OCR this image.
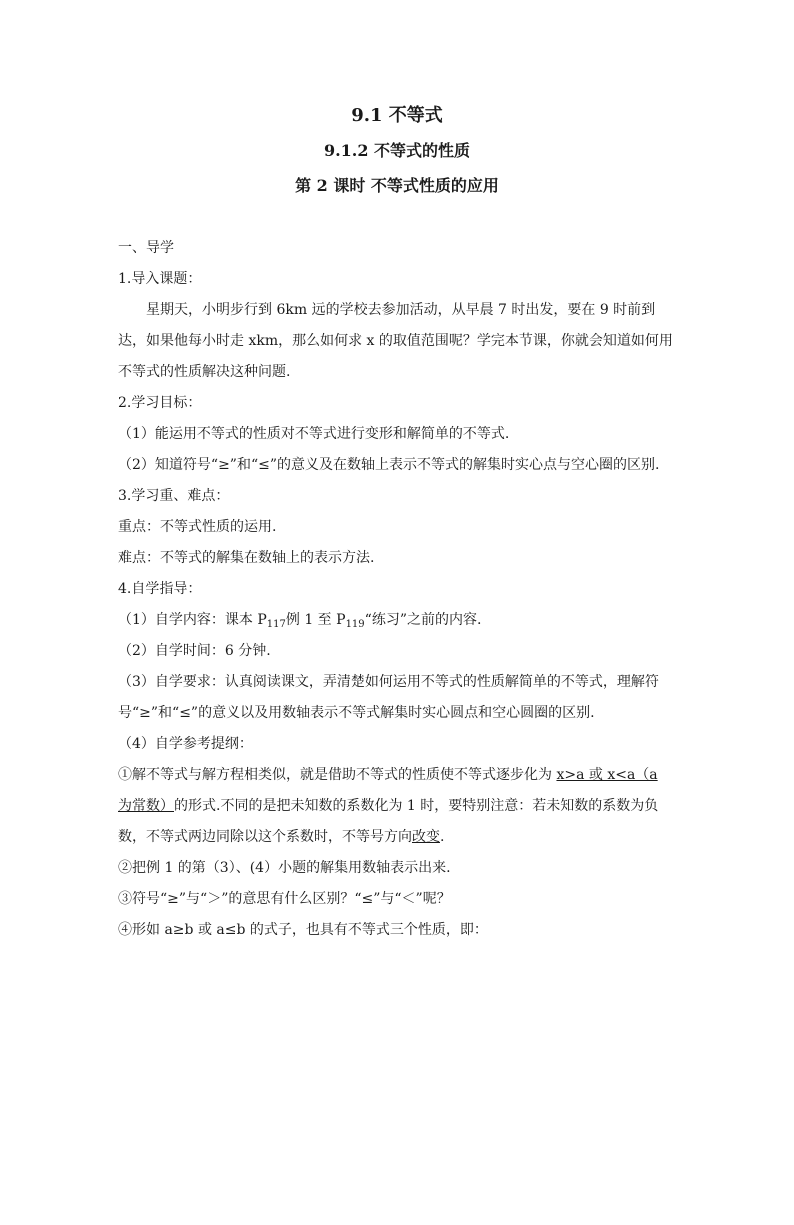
9.1 不等式

9.1.2 不等式的性质

第 2 课时 不等式性质的应用

一、导学

1.导入课题：

星期天，小明步行到 6km 远的学校去参加活动，从早晨 7 时出发，要在 9 时前到达，如果他每小时走 xkm，那么如何求 x 的取值范围呢？学完本节课，你就会知道如何用不等式的性质解决这种问题.

2.学习目标：

（1）能运用不等式的性质对不等式进行变形和解简单的不等式.

（2）知道符号“≥”和“≤”的意义及在数轴上表示不等式的解集时实心点与空心圈的区别.

3.学习重、难点：

重点：不等式性质的运用.

难点：不等式的解集在数轴上的表示方法.

4.自学指导：

（1）自学内容：课本 $P_{117}$例 1 至 $P_{119}“$练习”之前的内容.

（2）自学时间：6 分钟.

（3）自学要求：认真阅读课文，弄清楚如何运用不等式的性质解简单的不等式，理解符号“≥”和“≤”的意义以及用数轴表示不等式解集时实心圆点和空心圆圈的区别.

（4）自学参考提纲：

①解不等式与解方程相类似，就是借助不等式的性质使不等式逐步化为 x>a 或 x<a（a 为常数）的形式.不同的是把未知数的系数化为 1 时，要特别注意：若未知数的系数为负数，不等式两边同除以这个系数时，不等号方向改变.

②把例 1 的第（3）、(4）小题的解集用数轴表示出来.

③符号“≥”与“＞”的意思有什么区别？“≤”与“＜”呢？

④形如 a≥b 或 a≤b 的式子，也具有不等式三个性质，即：
